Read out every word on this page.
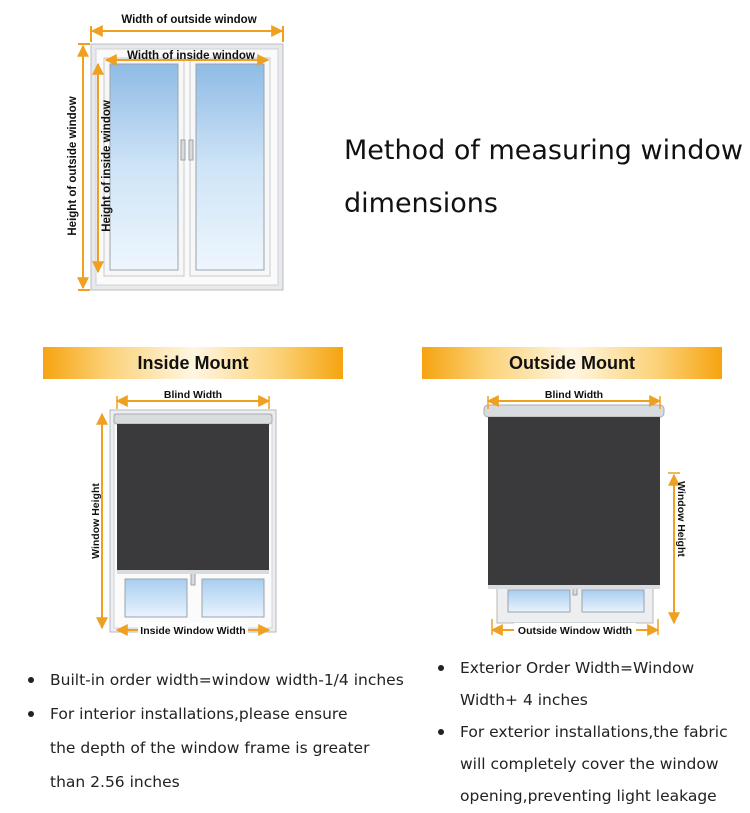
Width of outside window
Width of inside window
Height of outside window Height of inside window	Method of measuring window
dimensions
Inside Mount	Outside Mount
Blind Width
Window Height
Inside Window Width
Blind Width
Window Height
Outside Window Width
Built-in order width=window width-1/4 inches
For interior installations,please ensure
the depth of the window frame is greater
than 2.56 inches
Exterior Order Width=Window
Width+ 4 inches
For exterior installations,the fabric
will completely cover the window
opening,preventing light leakage
